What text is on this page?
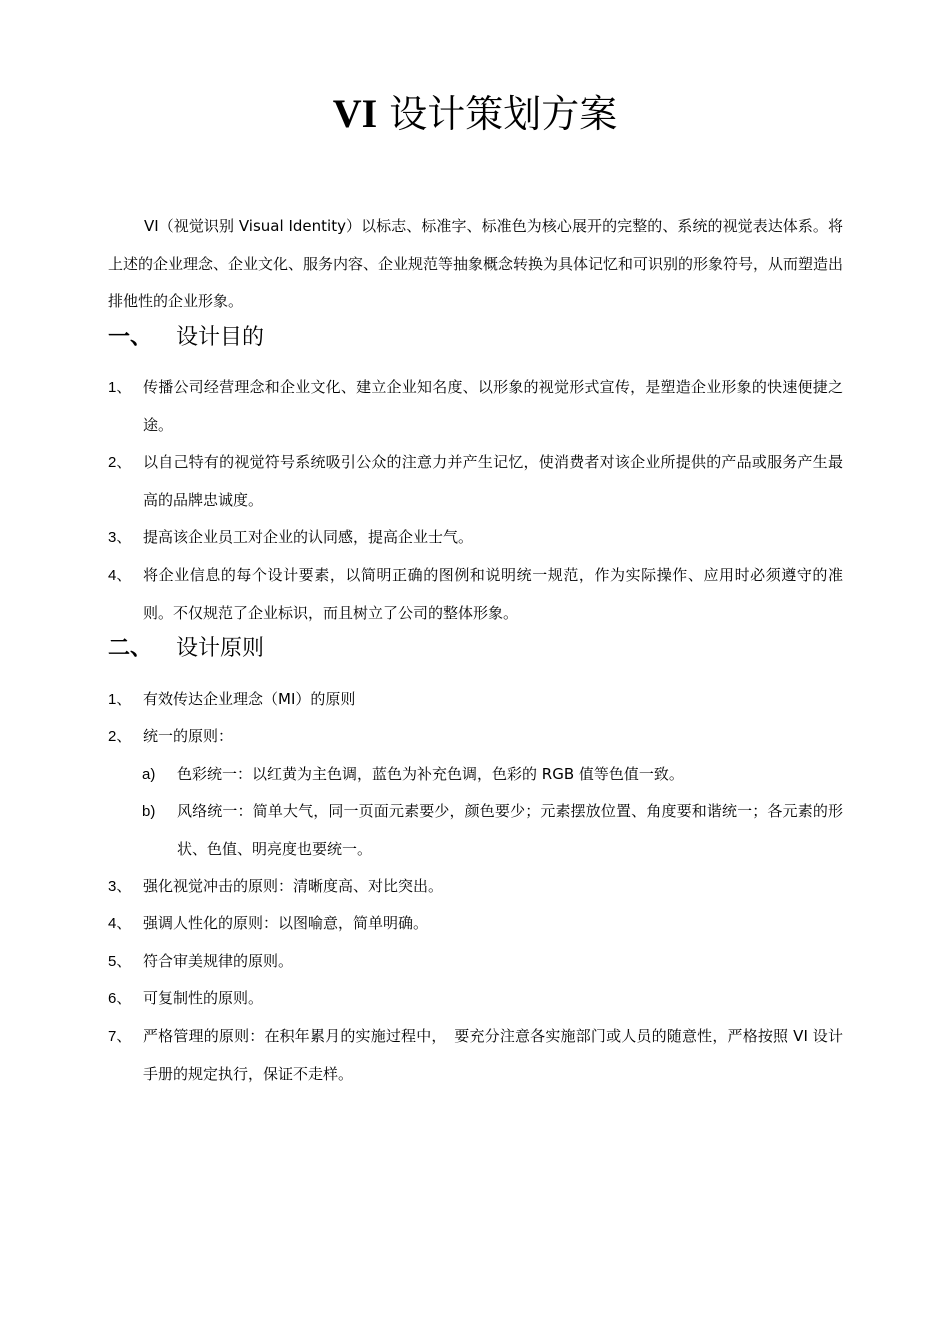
VI 设计策划方案

VI（视觉识别 Visual Identity）以标志、标准字、标准色为核心展开的完整的、系统的视觉表达体系。将上述的企业理念、企业文化、服务内容、企业规范等抽象概念转换为具体记忆和可识别的形象符号，从而塑造出排他性的企业形象。

一、 设计目的
1、 传播公司经营理念和企业文化、建立企业知名度、以形象的视觉形式宣传，是塑造企业形象的快速便捷之途。
2、 以自己特有的视觉符号系统吸引公众的注意力并产生记忆，使消费者对该企业所提供的产品或服务产生最高的品牌忠诚度。
3、 提高该企业员工对企业的认同感，提高企业士气。
4、 将企业信息的每个设计要素，以简明正确的图例和说明统一规范，作为实际操作、应用时必须遵守的准则。不仅规范了企业标识，而且树立了公司的整体形象。
二、 设计原则
1、 有效传达企业理念（MI）的原则
2、 统一的原则：
a) 色彩统一：以红黄为主色调，蓝色为补充色调，色彩的 RGB 值等色值一致。
b) 风络统一：简单大气，同一页面元素要少，颜色要少；元素摆放位置、角度要和谐统一；各元素的形状、色值、明亮度也要统一。
3、 强化视觉冲击的原则：清晰度高、对比突出。
4、 强调人性化的原则：以图喻意，简单明确。
5、 符合审美规律的原则。
6、 可复制性的原则。
7、 严格管理的原则：在积年累月的实施过程中，　要充分注意各实施部门或人员的随意性，严格按照 VI 设计手册的规定执行，保证不走样。
